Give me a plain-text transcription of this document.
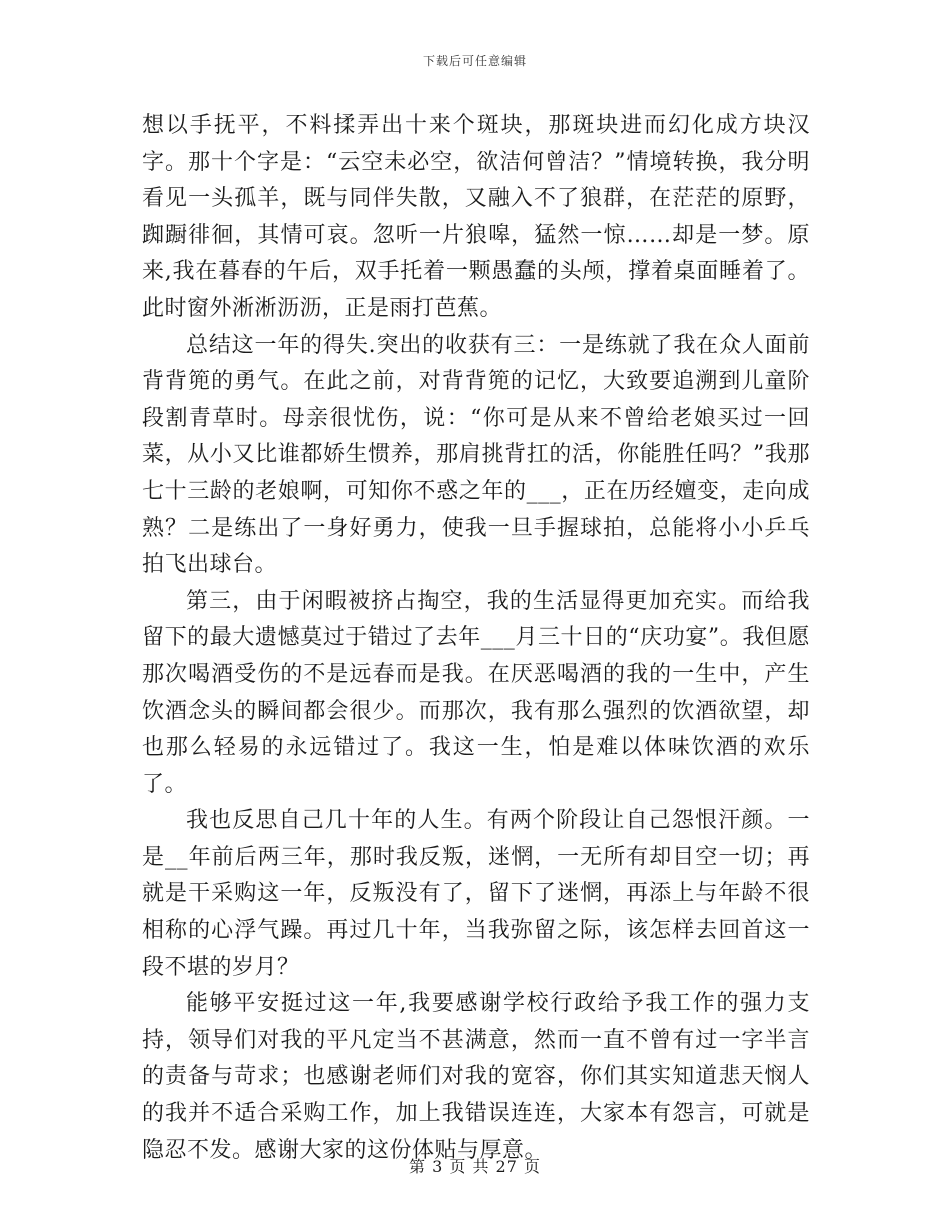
下载后可任意编辑

想以手抚平，不料揉弄出十来个斑块，那斑块进而幻化成方块汉字。那十个字是：“云空未必空，欲洁何曾洁？”情境转换，我分明看见一头孤羊，既与同伴失散，又融入不了狼群，在茫茫的原野，踟蹰徘徊，其情可哀。忽听一片狼嗥，猛然一惊……却是一梦。原来,我在暮春的午后，双手托着一颗愚蠢的头颅，撑着桌面睡着了。此时窗外淅淅沥沥，正是雨打芭蕉。

总结这一年的得失.突出的收获有三：一是练就了我在众人面前背背篼的勇气。在此之前，对背背篼的记忆，大致要追溯到儿童阶段割青草时。母亲很忧伤，说：“你可是从来不曾给老娘买过一回菜，从小又比谁都娇生惯养，那肩挑背扛的活，你能胜任吗？”我那七十三龄的老娘啊，可知你不惑之年的___，正在历经嬗变，走向成熟？二是练出了一身好勇力，使我一旦手握球拍，总能将小小乒乓拍飞出球台。

第三，由于闲暇被挤占掏空，我的生活显得更加充实。而给我留下的最大遗憾莫过于错过了去年___月三十日的“庆功宴”。我但愿那次喝酒受伤的不是远春而是我。在厌恶喝酒的我的一生中，产生饮酒念头的瞬间都会很少。而那次，我有那么强烈的饮酒欲望，却也那么轻易的永远错过了。我这一生，怕是难以体味饮酒的欢乐了。

我也反思自己几十年的人生。有两个阶段让自己怨恨汗颜。一是__年前后两三年，那时我反叛，迷惘，一无所有却目空一切；再就是干采购这一年，反叛没有了，留下了迷惘，再添上与年龄不很相称的心浮气躁。再过几十年，当我弥留之际，该怎样去回首这一段不堪的岁月？

能够平安挺过这一年,我要感谢学校行政给予我工作的强力支持，领导们对我的平凡定当不甚满意，然而一直不曾有过一字半言的责备与苛求；也感谢老师们对我的宽容，你们其实知道悲天悯人的我并不适合采购工作，加上我错误连连，大家本有怨言，可就是隐忍不发。感谢大家的这份体贴与厚意。

第 3 页 共 27 页
